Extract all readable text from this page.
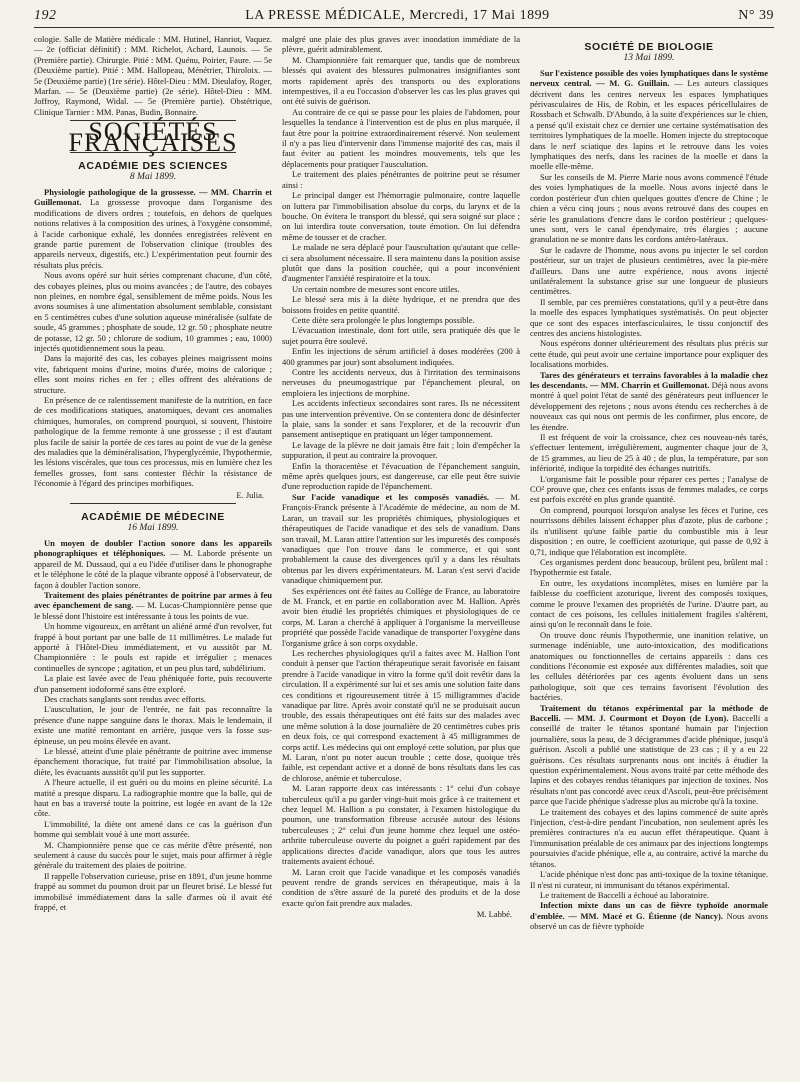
192	LA PRESSE MÉDICALE, Mercredi, 17 Mai 1899	N° 39

cologie. Salle de Matière médicale : MM. Hutinel, Hanriot, Vaquez. — 2e (officiat définitif) : MM. Richelot, Achard, Launois. — 5e (Première partie). Chirurgie. Pitié : MM. Quénu, Poirier, Faure. — 5e (Deuxième partie). Pitié : MM. Hallopeau, Ménétrier, Thiroloix. — 5e (Deuxième partie) (1re série). Hôtel-Dieu : MM. Dieulafoy, Roger, Marfan. — 5e (Deuxième partie) (2e série). Hôtel-Dieu : MM. Joffroy, Raymond, Widal. — 5e (Première partie). Obstétrique, Clinique Tarnier : MM. Panas, Budin, Bonnaire.

SOCIÉTÉS FRANÇAISES
ACADÉMIE DES SCIENCES
8 Mai 1899.

Physiologie pathologique de la grossesse. — MM. Charrin et Guillemonat. La grossesse provoque dans l'organisme des modifications de divers ordres ; toutefois, en dehors de quelques notions relatives à la composition des urines, à l'oxygène consommé, à l'acide carbonique exhalé, les données enregistrées relèvent en grande partie purement de l'observation clinique (troubles des appareils nerveux, digestifs, etc.) L'expérimentation peut fournir des résultats plus précis.

Nous avons opéré sur huit séries comprenant chacune, d'un côté, des cobayes pleines, plus ou moins avancées ; de l'autre, des cobayes non pleines, en nombre égal, sensiblement de même poids. Nous les avons soumises à une alimentation absolument semblable, consistant en 5 centimètres cubes d'une solution aqueuse minéralisée (sulfate de soude, 45 grammes ; phosphate de soude, 12 gr. 50 ; phosphate neutre de potasse, 12 gr. 50 ; chlorure de sodium, 10 grammes ; eau, 1000) injectés quotidiennement sous la peau.

Dans la majorité des cas, les cobayes pleines maigrissent moins vite, fabriquent moins d'urine, moins d'urée, moins de calorique ; elles sont moins riches en fer ; elles offrent des altérations de structure.

En présence de ce ralentissement manifeste de la nutrition, en face de ces modifications statiques, anatomiques, devant ces anomalies chimiques, humorales, on comprend pourquoi, si souvent, l'histoire pathologique de la femme remonte à une grossesse ; il est d'autant plus facile de saisir la portée de ces tares au point de vue de la genèse des maladies que la déminéralisation, l'hyperglycémie, l'hypothermie, les lésions viscérales, que tous ces processus, mis en lumière chez les femelles grosses, font sans contester fléchir la résistance de l'économie à l'égard des principes morbifiques.

E. Julia.
ACADÉMIE DE MÉDECINE
16 Mai 1899.

Un moyen de doubler l'action sonore dans les appareils phonographiques et téléphoniques. — M. Laborde présente un appareil de M. Dussaud, qui a eu l'idée d'utiliser dans le phonographe et le téléphone le côté de la plaque vibrante opposé à l'observateur, de façon à doubler l'action sonore.

Traitement des plaies pénétrantes de poitrine par armes à feu avec épanchement de sang. — M. Lucas-Championnière pense que le blessé dont l'histoire est intéressante à tous les points de vue.

Un homme vigoureux, en arrêtant un aliéné armé d'un revolver, fut frappé à bout portant par une balle de 11 millimètres. Le malade fut apporté à l'Hôtel-Dieu immédiatement, et vu aussitôt par M. Championnière : le pouls est rapide et irrégulier ; menaces continuelles de syncope ; agitation, et un peu plus tard, subdélirium.

La plaie est lavée avec de l'eau phéniquée forte, puis recouverte d'un pansement iodoformé sans être exploré.

Des crachats sanglants sont rendus avec efforts.

L'auscultation, le jour de l'entrée, ne fait pas reconnaître la présence d'une nappe sanguine dans le thorax. Mais le lendemain, il existe une matité remontant en arrière, jusque vers la fosse sus-épineuse, un peu moins élevée en avant.

Le blessé, atteint d'une plaie pénétrante de poitrine avec immense épanchement thoracique, fut traité par l'immobilisation absolue, la diète, les évacuants aussitôt qu'il put les supporter.

A l'heure actuelle, il est guéri ou du moins en pleine sécurité. La matité a presque disparu. La radiographie montre que la balle, qui de haut en bas a traversé toute la poitrine, est logée en avant de la 12e côte.

L'immobilité, la diète ont amené dans ce cas la guérison d'un homme qui semblait voué à une mort assurée.

M. Championnière pense que ce cas mérite d'être présenté, non seulement à cause du succès pour le sujet, mais pour affirmer à règle générale du traitement des plaies de poitrine.

Il rappelle l'observation curieuse, prise en 1891, d'un jeune homme frappé au sommet du poumon droit par un fleuret brisé. Le blessé fut immobilisé immédiatement dans la salle d'armes où il avait été frappé, et

malgré une plaie des plus graves avec inondation immédiate de la plèvre, guérit admirablement.

M. Championnière fait remarquer que, tandis que de nombreux blessés qui avaient des blessures pulmonaires insignifiantes sont morts rapidement après des transports ou des explorations intempestives, il a eu l'occasion d'observer les cas les plus graves qui ont été suivis de guérison.

Au contraire de ce qui se passe pour les plaies de l'abdomen, pour lesquelles la tendance à l'intervention est de plus en plus marquée, il faut être pour la poitrine extraordinairement réservé. Non seulement il n'y a pas lieu d'intervenir dans l'immense majorité des cas, mais il faut éviter au patient les moindres mouvements, tels que les déplacements pour pratiquer l'auscultation.

Le traitement des plaies pénétrantes de poitrine peut se résumer ainsi :

Le principal danger est l'hémorragie pulmonaire, contre laquelle on luttera par l'immobilisation absolue du corps, du larynx et de la bouche. On évitera le transport du blessé, qui sera soigné sur place ; on lui interdira toute conversation, toute émotion. On lui défendra même de tousser et de cracher.

Le malade ne sera déplacé pour l'auscultation qu'autant que celle-ci sera absolument nécessaire. Il sera maintenu dans la position assise plutôt que dans la position couchée, qui a pour inconvénient d'augmenter l'anxiété respiratoire et la toux.

Un certain nombre de mesures sont encore utiles.

Le blessé sera mis à la diète hydrique, et ne prendra que des boissons froides en petite quantité.

Cette diète sera prolongée le plus longtemps possible.

L'évacuation intestinale, dont fort utile, sera pratiquée dès que le sujet pourra être soulevé.

Enfin les injections de sérum artificiel à doses modérées (200 à 400 grammes par jour) sont absolument indiquées.

Contre les accidents nerveux, dus à l'irritation des terminaisons nerveuses du pneumogastrique par l'épanchement pleural, on emploiera les injections de morphine.

Les accidents infectieux secondaires sont rares. Ils ne nécessitent pas une intervention préventive. On se contentera donc de désinfecter la plaie, sans la sonder et sans l'explorer, et de la recouvrir d'un pansement antiseptique en pratiquant un léger tamponnement.

Le lavage de la plèvre ne doit jamais être fait ; loin d'empêcher la suppuration, il peut au contraire la provoquer.

Enfin la thoracentèse et l'évacuation de l'épanchement sanguin, même après quelques jours, est dangereuse, car elle peut être suivie d'une reproduction rapide de l'épanchement.

Sur l'acide vanadique et les composés vanadiés. — M. François-Franck présente à l'Académie de médecine, au nom de M. Laran, un travail sur les propriétés chimiques, physiologiques et thérapeutiques de l'acide vanadique et des sels de vanadium. Dans son travail, M. Laran attire l'attention sur les impuretés des composés vanadiques que l'on trouve dans le commerce, et qui sont probablement la cause des divergences qu'il y a dans les résultats obtenus par les divers expérimentateurs. M. Laran s'est servi d'acide vanadique chimiquement pur.

Ses expériences ont été faites au Collège de France, au laboratoire de M. Franck, et en partie en collaboration avec M. Hallion. Après avoir bien étudié les propriétés chimiques et physiologiques de ce corps, M. Laran a cherché à appliquer à l'organisme la merveilleuse propriété que possède l'acide vanadique de transporter l'oxygène dans l'organisme grâce à son corps oxydable.

Les recherches physiologiques qu'il a faites avec M. Hallion l'ont conduit à penser que l'action thérapeutique serait favorisée en faisant prendre à l'acide vanadique in vitro la forme qu'il doit revêtir dans la circulation. Il a expérimenté sur lui et ses amis une solution faite dans ces conditions et rigoureusement titrée à 15 milligrammes d'acide vanadique par litre. Après avoir constaté qu'il ne se produisait aucun trouble, des essais thérapeutiques ont été faits sur des malades avec une même solution à la dose journalière de 20 centimètres cubes pris en deux fois, ce qui correspond exactement à 45 milligrammes de corps actif. Les médecins qui ont employé cette solution, par plus que M. Laran, n'ont pu noter aucun trouble ; cette dose, quoique très faible, est cependant active et a donné de bons résultats dans les cas de chlorose, anémie et tuberculose.

M. Laran rapporte deux cas intéressants : 1° celui d'un cobaye tuberculeux qu'il a pu garder vingt-huit mois grâce à ce traitement et chez lequel M. Hallion a pu constater, à l'examen histologique du poumon, une transformation fibreuse accusée autour des lésions tuberculeuses ; 2° celui d'un jeune homme chez lequel une ostéo-arthrite tuberculeuse ouverte du poignet a guéri rapidement par des applications directes d'acide vanadique, alors que tous les autres traitements avaient échoué.

M. Laran croit que l'acide vanadique et les composés vanadiés peuvent rendre de grands services en thérapeutique, mais à la condition de s'être assuré de la pureté des produits et de la dose exacte qu'on fait prendre aux malades.

M. Labbé.
SOCIÉTÉ DE BIOLOGIE
13 Mai 1899.

Sur l'existence possible des voies lymphatiques dans le système nerveux central. — M. G. Guillain. — Les auteurs classiques décrivent dans les centres nerveux les espaces lymphatiques périvasculaires de His, de Robin, et les espaces péricellulaires de Rossbach et Schwalb. D'Abundo, à la suite d'expériences sur le chien, a pensé qu'il existait chez ce dernier une certaine systématisation des territoires lymphatiques de la moelle. Homen injecte du streptocoque dans le nerf sciatique des lapins et le retrouve dans les voies lymphatiques des nerfs, dans les racines de la moelle et dans la moelle elle-même.

Sur les conseils de M. Pierre Marie nous avons commencé l'étude des voies lymphatiques de la moelle. Nous avons injecté dans le cordon postérieur d'un chien quelques gouttes d'encre de Chine ; le chien a vécu cinq jours ; nous avons retrouvé dans des coupes en série les granulations d'encre dans le cordon postérieur ; quelques-unes sont, vers le canal épendymaire, très élargies ; aucune granulation ne se montre dans les cordons antéro-latéraux.

Sur le cadavre de l'homme, nous avons pu injecter le sel cordon postérieur, sur un trajet de plusieurs centimètres, avec la pie-mère d'ailleurs. Dans une autre expérience, nous avons injecté unilatéralement la substance grise sur une longueur de plusieurs centimètres.

Il semble, par ces premières constatations, qu'il y a peut-être dans la moelle des espaces lymphatiques systématisés. On peut objecter que ce sont des espaces interfasciculaires, le tissu conjonctif des centres des anciens histologistes.

Nous espérons donner ultérieurement des résultats plus précis sur cette étude, qui peut avoir une certaine importance pour expliquer des localisations morbides.

Tares des générateurs et terrains favorables à la maladie chez les descendants. — MM. Charrin et Guillemonat. Déjà nous avons montré à quel point l'état de santé des générateurs peut influencer le développement des rejetons ; nous avons étendu ces recherches à de nouveaux cas qui nous ont permis de les confirmer, plus encore, de les étendre.

Il est fréquent de voir la croissance, chez ces nouveau-nés tarés, s'effectuer lentement, irrégulièrement, augmenter chaque jour de 3, de 15 grammes, au lieu de 25 à 40 ; de plus, la température, par son infériorité, indique la torpidité des échanges nutritifs.

L'organisme fait le possible pour réparer ces pertes ; l'analyse de CO² prouve que, chez ces enfants issus de femmes malades, ce corps est parfois excrété en plus grande quantité.

On comprend, pourquoi lorsqu'on analyse les fèces et l'urine, ces nourrissons débiles laissent échapper plus d'azote, plus de carbone ; ils n'utilisent qu'une faible partie du combustible mis à leur disposition ; en outre, le coefficient azoturique, qui passe de 0,92 à 0,71, indique que l'élaboration est incomplète.

Ces organismes perdent donc beaucoup, brûlent peu, brûlent mal : l'hypothermie est fatale.

En outre, les oxydations incomplètes, mises en lumière par la faiblesse du coefficient azoturique, livrent des composés toxiques, comme le prouve l'examen des propriétés de l'urine. D'autre part, au contact de ces poisons, les cellules initialement fragiles s'altèrent, ainsi qu'on le reconnaît dans le foie.

On trouve donc réunis l'hypothermie, une inanition relative, un surmenage indéniable, une auto-intoxication, des modifications anatomiques ou fonctionnelles de certains appareils : dans ces conditions l'économie est exposée aux différentes maladies, soit que les cellules détériorées par ces agents évoluent dans un sens pathologique, soit que ces terrains favorisent l'évolution des bactéries.

Traitement du tétanos expérimental par la méthode de Baccelli. — MM. J. Courmont et Doyon (de Lyon). Baccelli a conseillé de traiter le tétanos spontané humain par l'injection journalière, sous la peau, de 3 décigrammes d'acide phénique, jusqu'à guérison. Ascoli a publié une statistique de 23 cas ; il y a eu 22 guérisons. Ces résultats surprenants nous ont incités à étudier la question expérimentalement. Nous avons traité par cette méthode des lapins et des cobayes rendus tétaniques par injection de toxines. Nos résultats n'ont pas concordé avec ceux d'Ascoli, peut-être précisément parce que l'acide phénique s'adresse plus au microbe qu'à la toxine.

Le traitement des cobayes et des lapins commencé de suite après l'injection, c'est-à-dire pendant l'incubation, non seulement après les premières contractures n'a eu aucun effet thérapeutique. Quant à l'immunisation préalable de ces animaux par des injections longtemps poursuivies d'acide phénique, elle a, au contraire, activé la marche du tétanos.

L'acide phénique n'est donc pas anti-toxique de la toxine tétanique. Il n'est ni curateur, ni immunisant du tétanos expérimental.

Le traitement de Baccelli a échoué au laboratoire.

Infection mixte dans un cas de fièvre typhoïde anormale d'emblée. — MM. Macé et G. Étienne (de Nancy). Nous avons observé un cas de fièvre typhoïde
